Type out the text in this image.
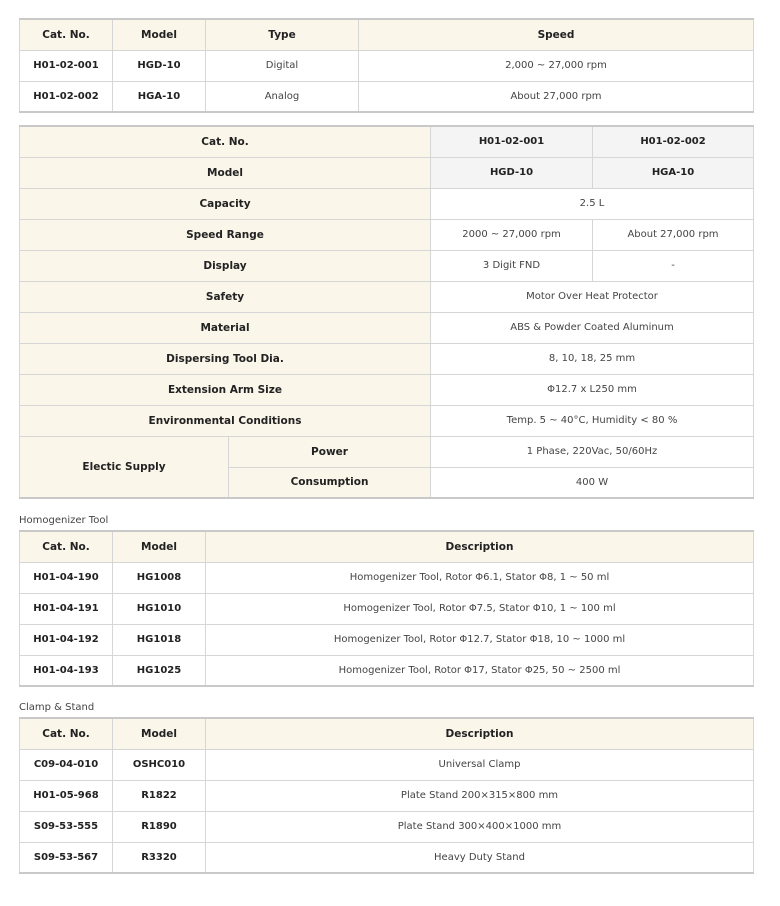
Cat. No.	Model	Type	Speed
H01-02-001	HGD-10	Digital	2,000 ~ 27,000 rpm
H01-02-002	HGA-10	Analog	About 27,000 rpm
Cat. No.		H01-02-001	H01-02-002
Model		HGD-10	HGA-10
Capacity		2.5 L	
Speed Range		2000 ~ 27,000 rpm	About 27,000 rpm
Display		3 Digit FND	-
Safety		Motor Over Heat Protector	
Material		ABS & Powder Coated Aluminum	
Dispersing Tool Dia.		8, 10, 18, 25 mm	
Extension Arm Size		Φ12.7 x L250 mm	
Environmental Conditions		Temp. 5 ~ 40°C, Humidity < 80 %	
Electic Supply	Power	1 Phase, 220Vac, 50/60Hz	
	Consumption	400 W	
Homogenizer Tool
Cat. No.	Model	Description
H01-04-190	HG1008	Homogenizer Tool, Rotor Φ6.1, Stator Φ8, 1 ~ 50 ml
H01-04-191	HG1010	Homogenizer Tool, Rotor Φ7.5, Stator Φ10, 1 ~ 100 ml
H01-04-192	HG1018	Homogenizer Tool, Rotor Φ12.7, Stator Φ18, 10 ~ 1000 ml
H01-04-193	HG1025	Homogenizer Tool, Rotor Φ17, Stator Φ25, 50 ~ 2500 ml
Clamp & Stand
Cat. No.	Model	Description
C09-04-010	OSHC010	Universal Clamp
H01-05-968	R1822	Plate Stand 200×315×800 mm
S09-53-555	R1890	Plate Stand 300×400×1000 mm
S09-53-567	R3320	Heavy Duty Stand
